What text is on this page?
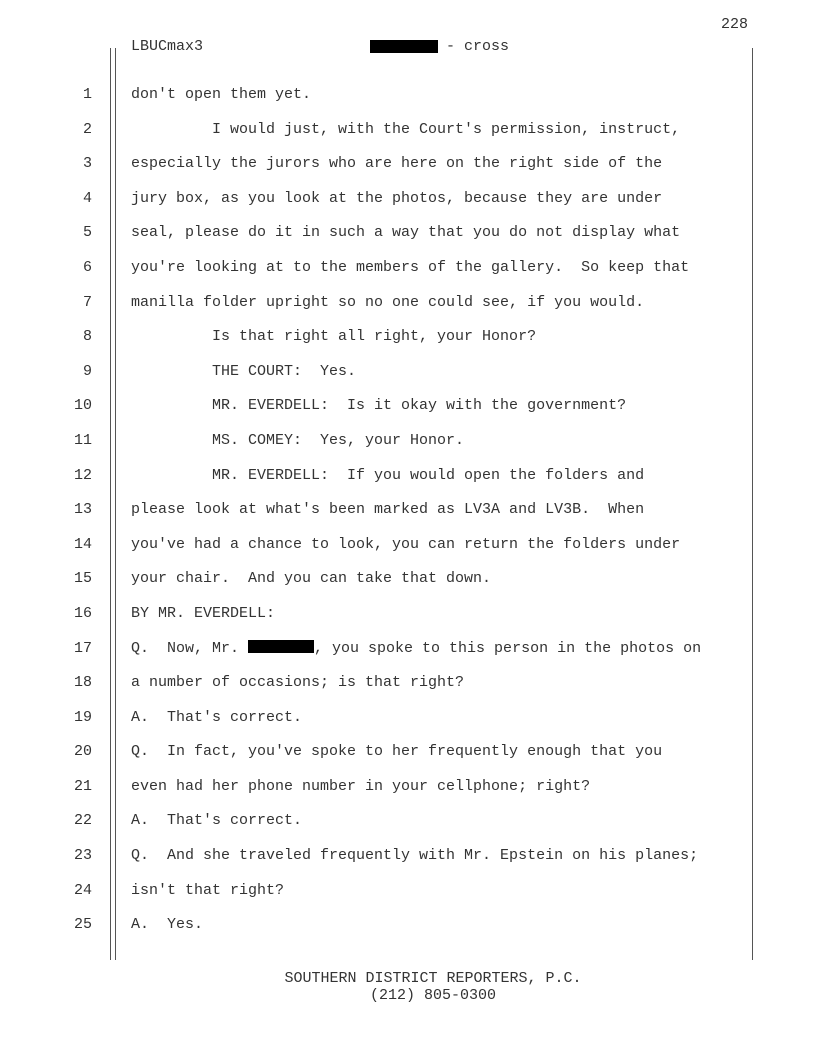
228
LBUCmax3	- cross
1	don't open them yet.
2	I would just, with the Court's permission, instruct,
3	especially the jurors who are here on the right side of the
4	jury box, as you look at the photos, because they are under
5	seal, please do it in such a way that you do not display what
6	you're looking at to the members of the gallery.  So keep that
7	manilla folder upright so no one could see, if you would.
8	Is that right all right, your Honor?
9	THE COURT:  Yes.
10	MR. EVERDELL:  Is it okay with the government?
11	MS. COMEY:  Yes, your Honor.
12	MR. EVERDELL:  If you would open the folders and
13	please look at what's been marked as LV3A and LV3B.  When
14	you've had a chance to look, you can return the folders under
15	your chair.  And you can take that down.
16	BY MR. EVERDELL:
17	Q.  Now, Mr.	, you spoke to this person in the photos on
18	a number of occasions; is that right?
19	A.  That's correct.
20	Q.  In fact, you've spoke to her frequently enough that you
21	even had her phone number in your cellphone; right?
22	A.  That's correct.
23	Q.  And she traveled frequently with Mr. Epstein on his planes;
24	isn't that right?
25	A.  Yes.
SOUTHERN DISTRICT REPORTERS, P.C.
(212) 805-0300
